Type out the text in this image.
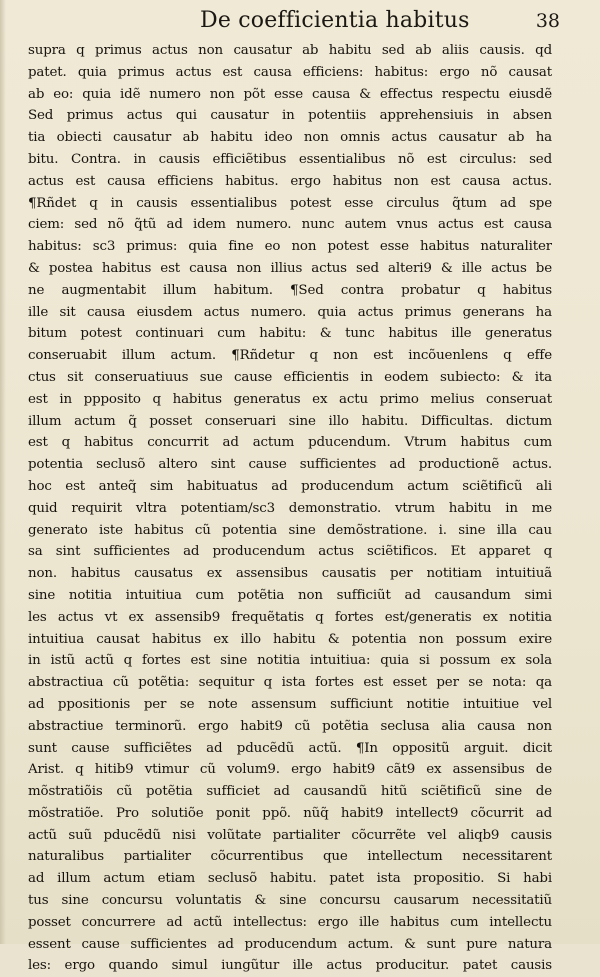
De coefficientia habitus	38
supra q primus actus non causatur ab habitu sed ab aliis causis. qd
patet. quia primus actus est causa efficiens: habitus: ergo nõ causat
ab eo: quia idẽ numero non põt esse causa & effectus respectu eiusdẽ
Sed primus actus qui causatur in potentiis apprehensiuis in absen
tia obiecti causatur ab habitu ideo non omnis actus causatur ab ha
bitu. Contra. in causis efficiẽtibus essentialibus nõ est circulus: sed
actus est causa efficiens habitus. ergo habitus non est causa actus.
¶Rñdet q in causis essentialibus potest esse circulus q̃tum ad spe
ciem: sed nõ q̃tũ ad idem numero. nunc autem vnus actus est causa
habitus: sc3 primus: quia fine eo non potest esse habitus naturaliter
& postea habitus est causa non illius actus sed alteri9 & ille actus be
ne augmentabit illum habitum. ¶Sed contra probatur q habitus
ille sit causa eiusdem actus numero. quia actus primus generans ha
bitum potest continuari cum habitu: & tunc habitus ille generatus
conseruabit illum actum. ¶Rñdetur q non est incõuenlens q effe
ctus sit conseruatiuus sue cause efficientis in eodem subiecto: & ita
est in ppposito q habitus generatus ex actu primo melius conseruat
illum actum q̃ posset conseruari sine illo habitu. Difficultas. dictum
est q habitus concurrit ad actum pducendum. Vtrum habitus cum
potentia seclusõ altero sint cause sufficientes ad productionẽ actus.
hoc est anteq̃ sim habituatus ad producendum actum sciẽtificũ ali
quid requirit vltra potentiam/sc3 demonstratio. vtrum habitu in me
generato iste habitus cũ potentia sine demõstratione. i. sine illa cau
sa sint sufficientes ad producendum actus sciẽtificos. Et apparet q
non. habitus causatus ex assensibus causatis per notitiam intuitiuã
sine notitia intuitiua cum potẽtia non sufficiũt ad causandum simi
les actus vt ex assensib9 frequẽtatis q fortes est/generatis ex notitia
intuitiua causat habitus ex illo habitu & potentia non possum exire
in istũ actũ q fortes est sine notitia intuitiua: quia si possum ex sola
abstractiua cũ potẽtia: sequitur q ista fortes est esset per se nota: qa
ad ppositionis per se note assensum sufficiunt notitie intuitiue vel
abstractiue terminorũ. ergo habit9 cũ potẽtia seclusa alia causa non
sunt cause sufficiẽtes ad pducẽdũ actũ. ¶In oppositũ arguit. dicit
Arist. q hitib9 vtimur cũ volum9. ergo habit9 cãt9 ex assensibus de
mõstratiõis cũ potẽtia sufficiet ad causandũ hitũ sciẽtificũ sine de
mõstratiõe. Pro solutiõe ponit ppõ. nũq̃ habit9 intellect9 cõcurrit ad
actũ suũ pducẽdũ nisi volũtate partialiter cõcurrẽte vel aliqb9 causis
naturalibus partialiter cõcurrentibus que intellectum necessitarent
ad illum actum etiam seclusõ habitu. patet ista propositio. Si habi
tus sine concursu voluntatis & sine concursu causarum necessitatiũ
posset concurrere ad actũ intellectus: ergo ille habitus cum intellectu
essent cause sufficientes ad producendum actum. & sunt pure natura
les: ergo quando simul iungũtur ille actus producitur. patet causis
